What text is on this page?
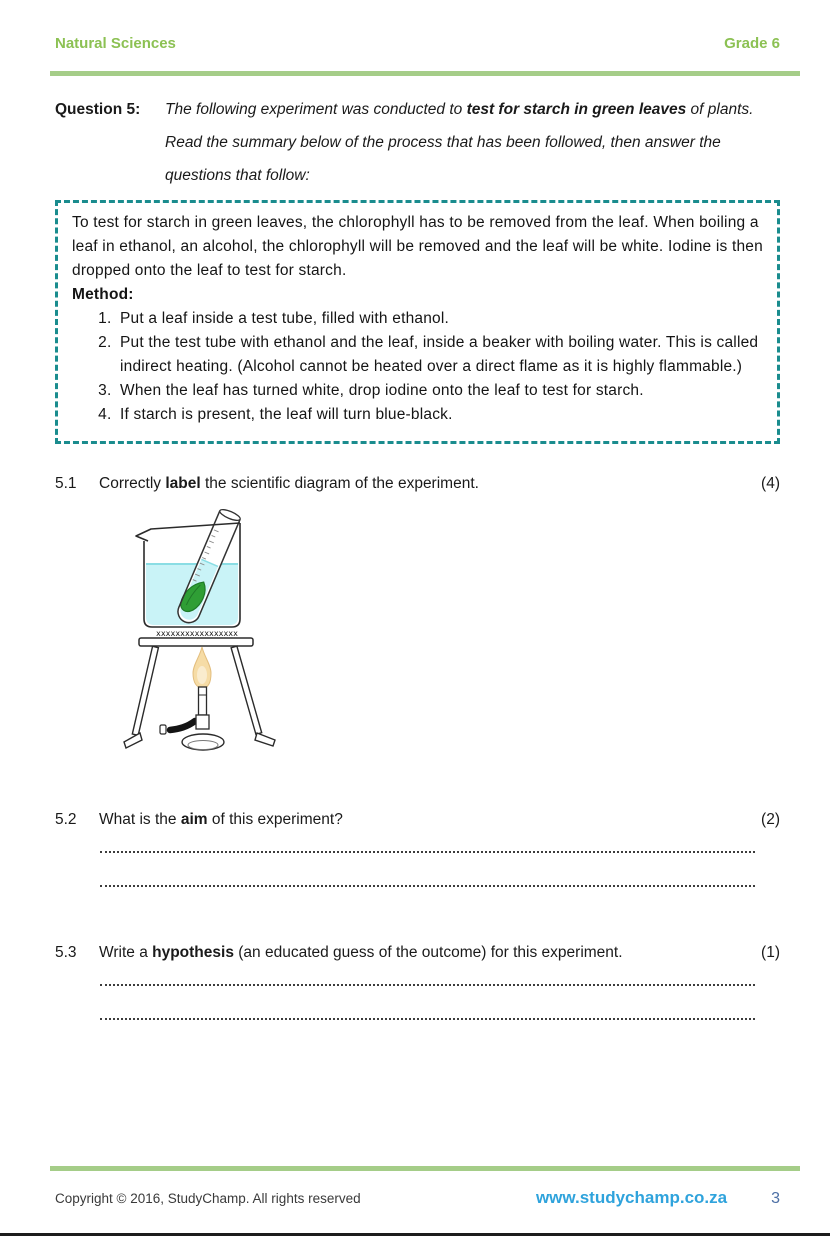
Natural Sciences	Grade 6
Question 5:	The following experiment was conducted to test for starch in green leaves of plants. Read the summary below of the process that has been followed, then answer the questions that follow:
To test for starch in green leaves, the chlorophyll has to be removed from the leaf. When boiling a leaf in ethanol, an alcohol, the chlorophyll will be removed and the leaf will be white. Iodine is then dropped onto the leaf to test for starch.
Method:
1. Put a leaf inside a test tube, filled with ethanol.
2. Put the test tube with ethanol and the leaf, inside a beaker with boiling water. This is called indirect heating. (Alcohol cannot be heated over a direct flame as it is highly flammable.)
3. When the leaf has turned white, drop iodine onto the leaf to test for starch.
4. If starch is present, the leaf will turn blue-black.
5.1	Correctly label the scientific diagram of the experiment.	(4)
xxxxxxxxxxxxxxxxx
5.2	What is the aim of this experiment?	(2)
5.3	Write a hypothesis (an educated guess of the outcome) for this experiment.	(1)
Copyright © 2016, StudyChamp. All rights reserved	www.studychamp.co.za	3
